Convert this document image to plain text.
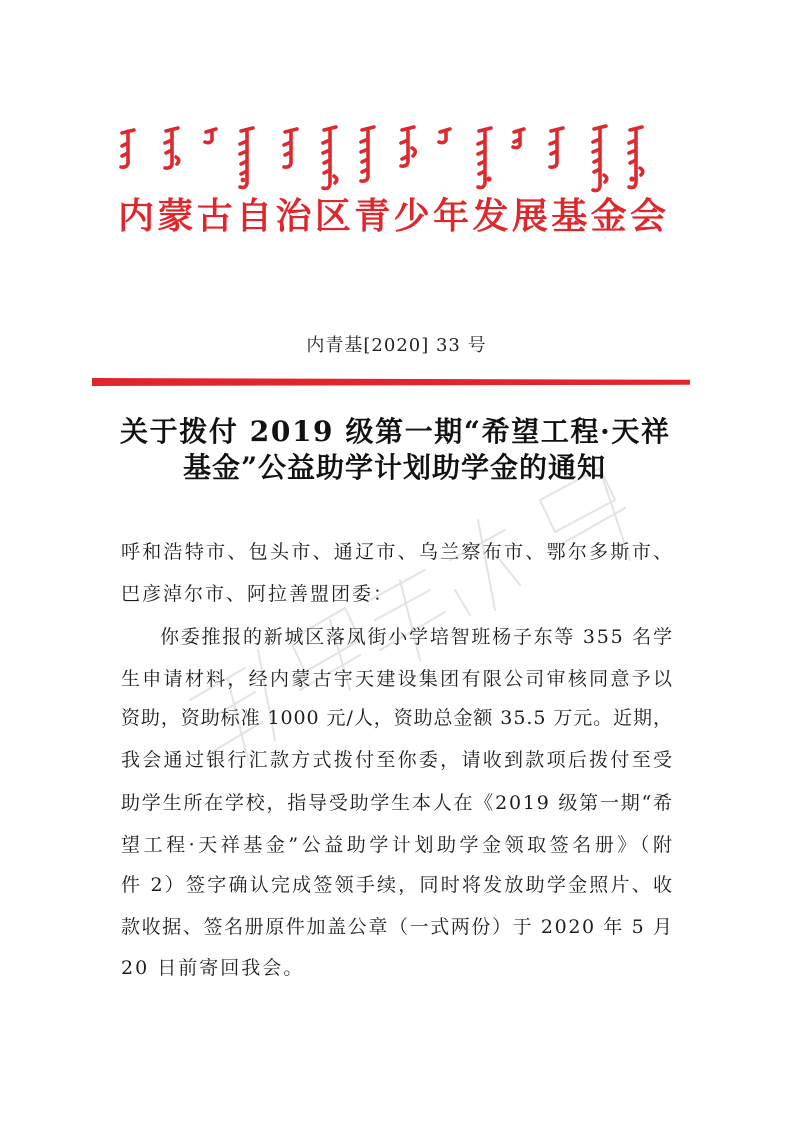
内蒙古自治区青少年发展基金会
内青基[2020] 33 号
关于拨付 2019 级第一期“希望工程·天祥
基金”公益助学计划助学金的通知
呼和浩特市、包头市、通辽市、乌兰察布市、鄂尔多斯市、
巴彦淖尔市、阿拉善盟团委：
你委推报的新城区落凤街小学培智班杨子东等 355 名学
生申请材料，经内蒙古宇天建设集团有限公司审核同意予以
资助，资助标准 1000 元/人，资助总金额 35.5 万元。近期，
我会通过银行汇款方式拨付至你委，请收到款项后拨付至受
助学生所在学校，指导受助学生本人在《2019 级第一期“希
望工程·天祥基金”公益助学计划助学金领取签名册》（附
件 2）签字确认完成签领手续，同时将发放助学金照片、收
款收据、签名册原件加盖公章（一式两份）于 2020 年 5 月
20 日前寄回我会。
